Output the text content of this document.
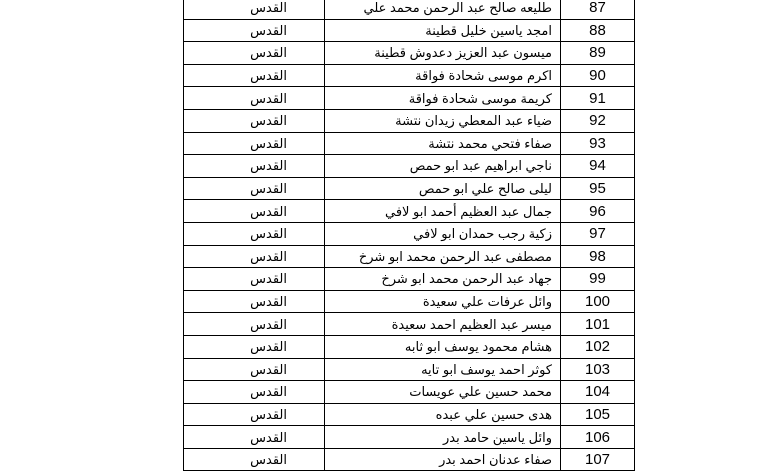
القدس	طليعه صالح عبد الرحمن محمد علي	87
القدس	امجد ياسين خليل قطينة	88
القدس	ميسون عبد العزيز دعدوش قطينة	89
القدس	اكرم موسى شحادة فواقة	90
القدس	كريمة موسى شحادة فواقة	91
القدس	ضياء عبد المعطي زيدان نتشة	92
القدس	صفاء فتحي محمد نتشة	93
القدس	ناجي ابراهيم عبد ابو حمص	94
القدس	ليلى صالح علي ابو حمص	95
القدس	جمال عبد العظيم أحمد ابو لافي	96
القدس	زكية رجب حمدان ابو لافي	97
القدس	مصطفى عبد الرحمن محمد ابو شرخ	98
القدس	جهاد عبد الرحمن محمد ابو شرخ	99
القدس	وائل عرفات علي سعيدة	100
القدس	ميسر عبد العظيم احمد سعيدة	101
القدس	هشام محمود يوسف ابو ثابه	102
القدس	كوثر احمد يوسف ابو تايه	103
القدس	محمد حسين علي عويسات	104
القدس	هدى حسين علي عبده	105
القدس	وائل ياسين حامد بدر	106
القدس	صفاء عدنان احمد بدر	107
